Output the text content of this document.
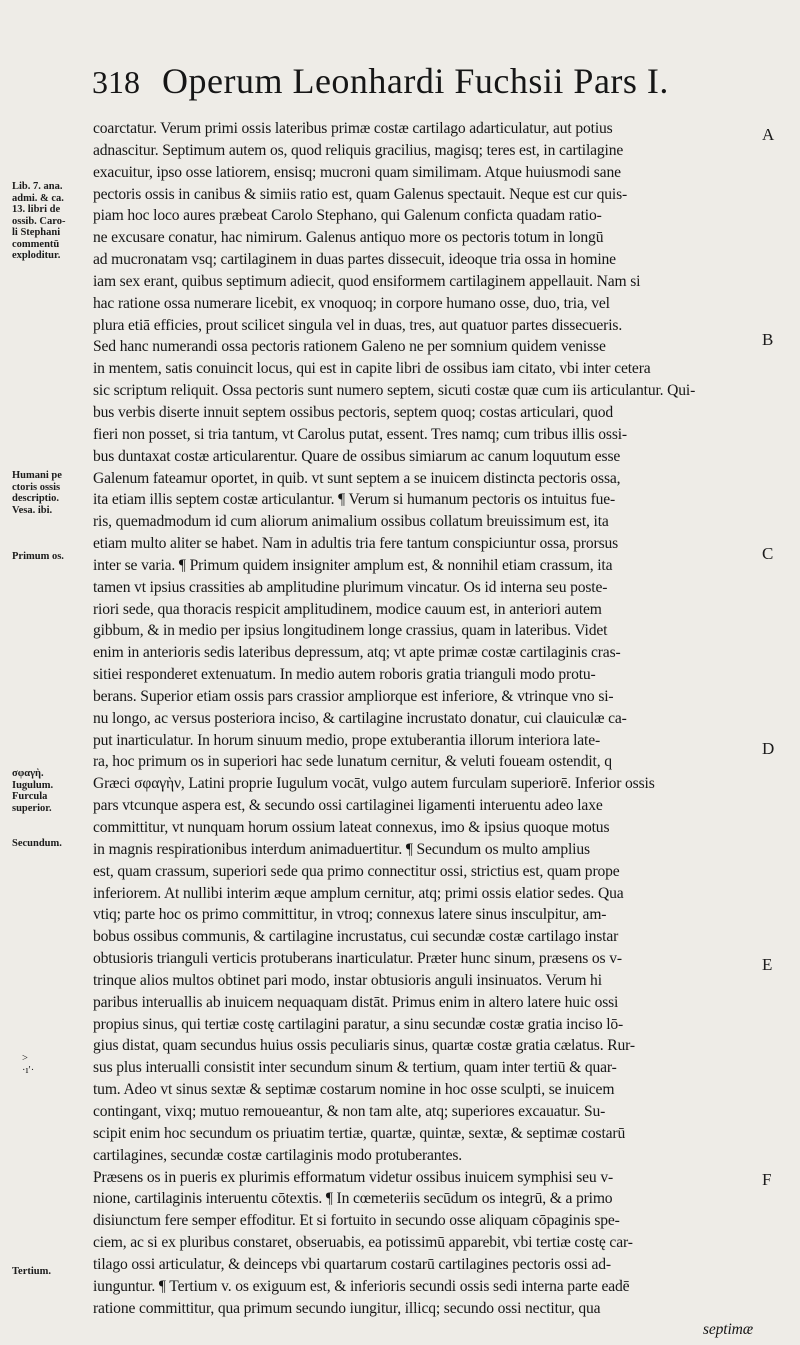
318 Operum Leonhardi Fuchsii Pars I.
coarctatur. Verum primi ossis lateribus primæ costæ cartilago adarticulatur, aut potius
adnascitur. Septimum autem os, quod reliquis gracilius, magisq; teres est, in cartilagine
exacuitur, ipso osse latiorem, ensisq; mucroni quam similimam. Atque huiusmodi sane
pectoris ossis in canibus & simiis ratio est, quam Galenus spectauit. Neque est cur quis-
piam hoc loco aures præbeat Carolo Stephano, qui Galenum conficta quadam ratio-
ne excusare conatur, hac nimirum. Galenus antiquo more os pectoris totum in longū
ad mucronatam vsq; cartilaginem in duas partes dissecuit, ideoque tria ossa in homine
iam sex erant, quibus septimum adiecit, quod ensiformem cartilaginem appellauit. Nam si
hac ratione ossa numerare licebit, ex vnoquoq; in corpore humano osse, duo, tria, vel
plura etiā efficies, prout scilicet singula vel in duas, tres, aut quatuor partes dissecueris.
Sed hanc numerandi ossa pectoris rationem Galeno ne per somnium quidem venisse
in mentem, satis conuincit locus, qui est in capite libri de ossibus iam citato, vbi inter cetera
sic scriptum reliquit. Ossa pectoris sunt numero septem, sicuti costæ quæ cum iis articulantur. Qui-
bus verbis diserte innuit septem ossibus pectoris, septem quoq; costas articulari, quod
fieri non posset, si tria tantum, vt Carolus putat, essent. Tres namq; cum tribus illis ossi-
bus duntaxat costæ articularentur. Quare de ossibus simiarum ac canum loquutum esse
Galenum fateamur oportet, in quib. vt sunt septem a se inuicem distincta pectoris ossa,
ita etiam illis septem costæ articulantur. ¶ Verum si humanum pectoris os intuitus fue-
ris, quemadmodum id cum aliorum animalium ossibus collatum breuissimum est, ita
etiam multo aliter se habet. Nam in adultis tria fere tantum conspiciuntur ossa, prorsus
inter se varia. ¶ Primum quidem insigniter amplum est, & nonnihil etiam crassum, ita
tamen vt ipsius crassities ab amplitudine plurimum vincatur. Os id interna seu poste-
riori sede, qua thoracis respicit amplitudinem, modice cauum est, in anteriori autem
gibbum, & in medio per ipsius longitudinem longe crassius, quam in lateribus. Videt
enim in anterioris sedis lateribus depressum, atq; vt apte primæ costæ cartilaginis cras-
sitiei responderet extenuatum. In medio autem roboris gratia trianguli modo protu-
berans. Superior etiam ossis pars crassior ampliorque est inferiore, & vtrinque vno si-
nu longo, ac versus posteriora inciso, & cartilagine incrustato donatur, cui clauiculæ ca-
put inarticulatur. In horum sinuum medio, prope extuberantia illorum interiora late-
ra, hoc primum os in superiori hac sede lunatum cernitur, & veluti foueam ostendit, q
Græci σφαγὴν, Latini proprie Iugulum vocāt, vulgo autem furculam superiorē. Inferior ossis
pars vtcunque aspera est, & secundo ossi cartilaginei ligamenti interuentu adeo laxe
committitur, vt nunquam horum ossium lateat connexus, imo & ipsius quoque motus
in magnis respirationibus interdum animaduertitur. ¶ Secundum os multo amplius
est, quam crassum, superiori sede qua primo connectitur ossi, strictius est, quam prope
inferiorem. At nullibi interim æque amplum cernitur, atq; primi ossis elatior sedes. Qua
vtiq; parte hoc os primo committitur, in vtroq; connexus latere sinus insculpitur, am-
bobus ossibus communis, & cartilagine incrustatus, cui secundæ costæ cartilago instar
obtusioris trianguli verticis protuberans inarticulatur. Præter hunc sinum, præsens os v-
trinque alios multos obtinet pari modo, instar obtusioris anguli insinuatos. Verum hi
paribus interuallis ab inuicem nequaquam distāt. Primus enim in altero latere huic ossi
propius sinus, qui tertiæ costę cartilagini paratur, a sinu secundæ costæ gratia inciso lō-
gius distat, quam secundus huius ossis peculiaris sinus, quartæ costæ gratia cælatus. Rur-
sus plus interualli consistit inter secundum sinum & tertium, quam inter tertiū & quar-
tum. Adeo vt sinus sextæ & septimæ costarum nomine in hoc osse sculpti, se inuicem
contingant, vixq; mutuo remoueantur, & non tam alte, atq; superiores excauatur. Su-
scipit enim hoc secundum os priuatim tertiæ, quartæ, quintæ, sextæ, & septimæ costarū
cartilagines, secundæ costæ cartilaginis modo protuberantes.
Præsens os in pueris ex plurimis efformatum videtur ossibus inuicem symphisi seu v-
nione, cartilaginis interuentu cōtextis. ¶ In cœmeteriis secūdum os integrū, & a primo
disiunctum fere semper effoditur. Et si fortuito in secundo osse aliquam cōpaginis spe-
ciem, ac si ex pluribus constaret, obseruabis, ea potissimū apparebit, vbi tertiæ costę car-
tilago ossi articulatur, & deinceps vbi quartarum costarū cartilagines pectoris ossi ad-
iunguntur. ¶ Tertium v. os exiguum est, & inferioris secundi ossis sedi interna parte eadē
ratione committitur, qua primum secundo iungitur, illicq; secundo ossi nectitur, qua
septimæ
Lib. 7. ana.
admi. & ca.
13. libri de
ossib. Caro-
li Stephani
commentū
exploditur.
Humani pe
ctoris ossis
descriptio.
Vesa. ibi.
Primum os.
σφαγὴ.
Iugulum.
Furcula
superior.
Secundum.
>
·ıʹ·
Tertium.
A
B
C
D
E
F
